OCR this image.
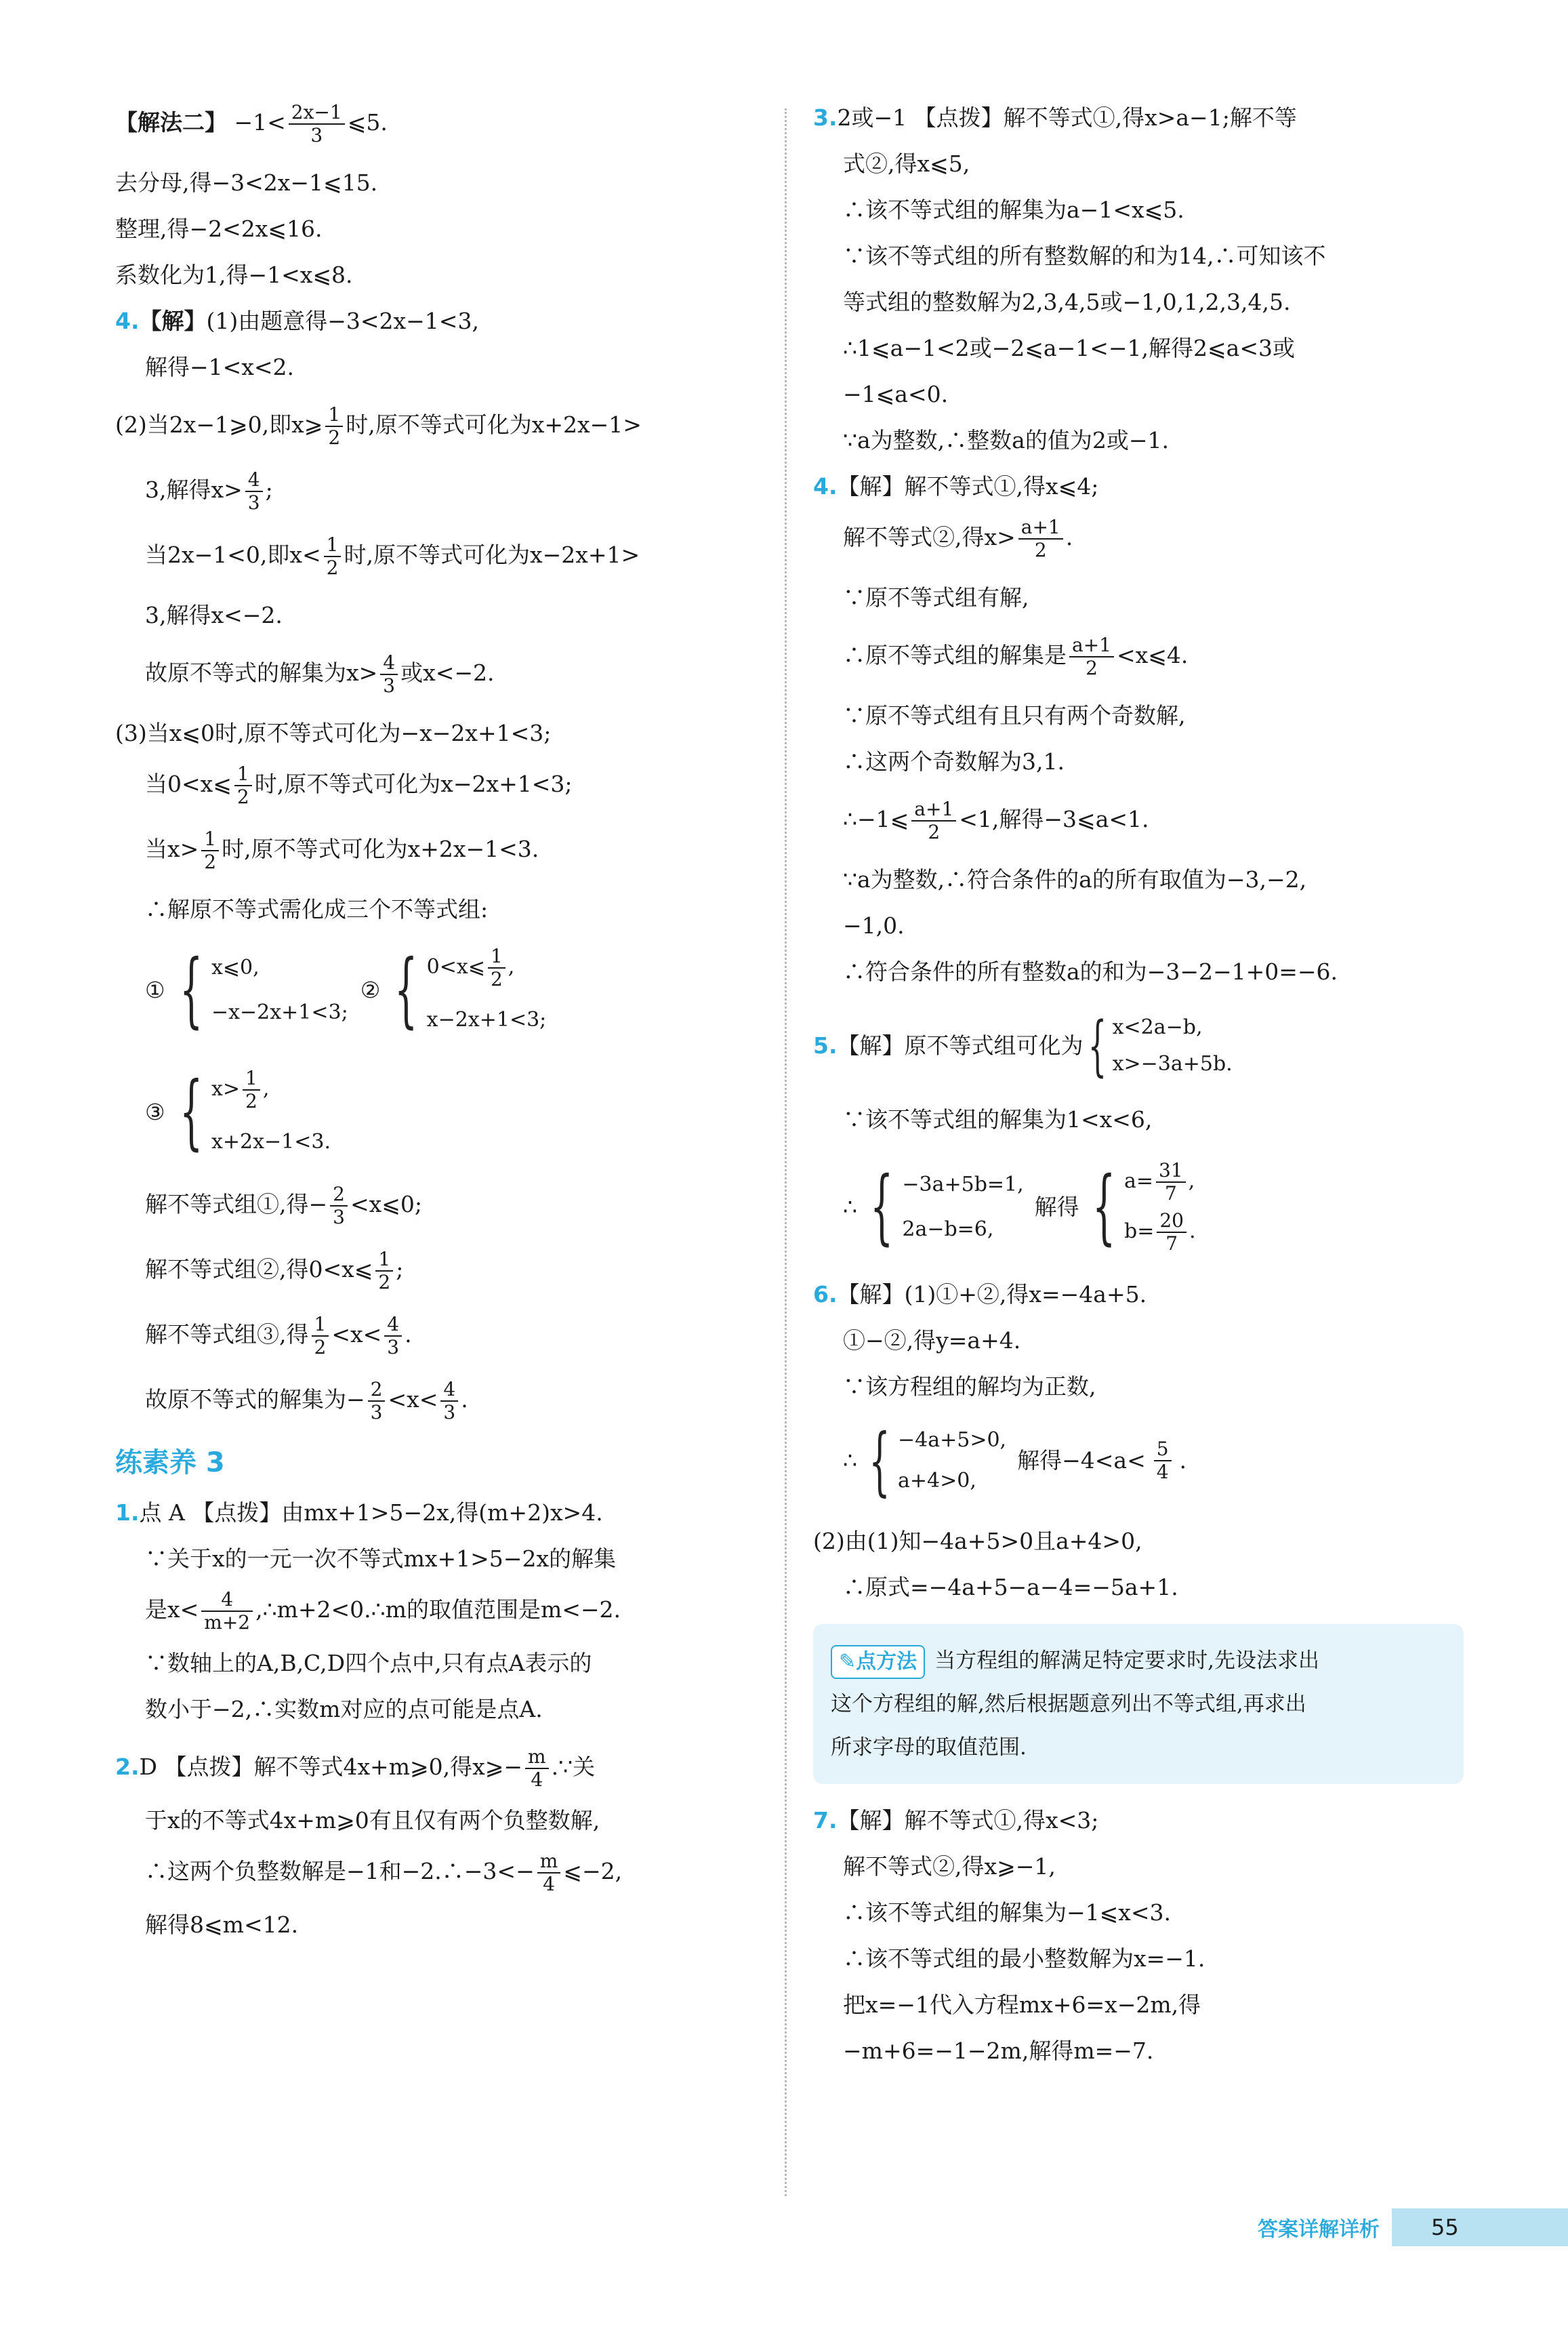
【解法二】 $-1< \frac{2x-1}{3}$ ⩽5.
去分母,得−3<2x−1⩽15.
整理,得−2<2x⩽16.
系数化为1,得−1<x⩽8.
4.【解】(1)由题意得−3<2x−1<3,
解得−1<x<2.
(2)当2x−1⩾0,即x⩾ $\frac{1}{2}$ 时,原不等式可化为x+2x−1>
3,解得$x> \frac{4}{3}$ ;
当2x−1<0,即$x< \frac{1}{2}$ 时,原不等式可化为x−2x+1>
3,解得x<−2.
故原不等式的解集为$x> \frac{4}{3}$ 或x<−2.
(3)当x⩽0时,原不等式可化为−x−2x+1<3;
当0<x⩽ $\frac{1}{2}$ 时,原不等式可化为x−2x+1<3;
当$x> \frac{1}{2}$ 时,原不等式可化为x+2x−1<3.
∴解原不等式需化成三个不等式组:
① { x⩽0,
−x−2x+1<3;
② { 0<x⩽ $\frac{1}{2}$ ,
x−2x+1<3;
③ { $x> \frac{1}{2}$ ,
x+2x−1<3.
解不等式组①,得− $\frac{2}{3}$ <x⩽0;
解不等式组②,得0<x⩽ $\frac{1}{2}$ ;
解不等式组③,得 $\frac{1}{2} <x< \frac{4}{3}$ .
故原不等式的解集为− $\frac{2}{3} <x< \frac{4}{3}$ .
练素养 3
1.点 A 【点拨】由mx+1>5−2x,得(m+2)x>4.
∵关于x的一元一次不等式mx+1>5−2x的解集
是$x< \frac{4}{m+2}$ ,∴m+2<0.∴m的取值范围是m<−2.
∵数轴上的A,B,C,D四个点中,只有点A表示的
数小于−2,∴实数m对应的点可能是点A.
2.D 【点拨】解不等式4x+m⩾0,得x⩾− $\frac{m}{4}$ .∵关
于x的不等式4x+m⩾0有且仅有两个负整数解,
∴这两个负整数解是−1和−2.∴−3<− $\frac{m}{4}$ ⩽−2,
解得8⩽m<12.
3.2或−1 【点拨】解不等式①,得x>a−1;解不等
式②,得x⩽5,
∴该不等式组的解集为a−1<x⩽5.
∵该不等式组的所有整数解的和为14,∴可知该不
等式组的整数解为2,3,4,5或−1,0,1,2,3,4,5.
∴1⩽a−1<2或−2⩽a−1<−1,解得2⩽a<3或
−1⩽a<0.
∵a为整数,∴整数a的值为2或−1.
4.【解】解不等式①,得x⩽4;
解不等式②,得$x> \frac{a+1}{2}$ .
∵原不等式组有解,
∴原不等式组的解集是 $\frac{a+1}{2}$ <x⩽4.
∵原不等式组有且只有两个奇数解,
∴这两个奇数解为3,1.
∴−1⩽ $\frac{a+1}{2} <1$,解得−3⩽a<1.
∵a为整数,∴符合条件的a的所有取值为−3,−2,
−1,0.
∴符合条件的所有整数a的和为−3−2−1+0=−6.
5. 【解】原不等式组可化为 { x<2a−b,
x>−3a+5b.
∵该不等式组的解集为1<x<6,
∴ { −3a+5b=1,
2a−b=6,
解得 { $a= \frac{31}{7}$ ,
$b= \frac{20}{7}$ .
6.【解】(1)①+②,得x=−4a+5.
①−②,得y=a+4.
∵该方程组的解均为正数,
∴ { −4a+5>0,
a+4>0,
解得$-4<a< \frac{5}{4}$ .
(2)由(1)知−4a+5>0且a+4>0,
∴原式=−4a+5−a−4=−5a+1.
✎点方法 当方程组的解满足特定要求时,先设法求出
这个方程组的解,然后根据题意列出不等式组,再求出
所求字母的取值范围.
7.【解】解不等式①,得x<3;
解不等式②,得x⩾−1,
∴该不等式组的解集为−1⩽x<3.
∴该不等式组的最小整数解为x=−1.
把x=−1代入方程mx+6=x−2m,得
−m+6=−1−2m,解得m=−7.
答案详解详析	55
